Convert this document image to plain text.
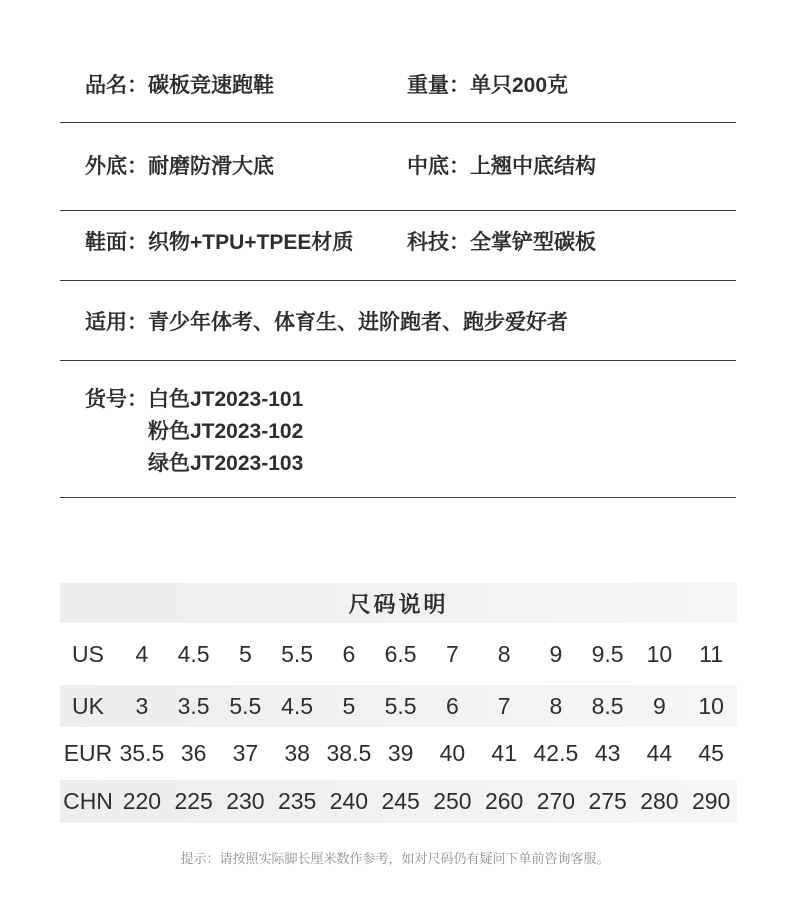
品名：碳板竞速跑鞋	重量：单只200克
外底：耐磨防滑大底	中底：上翘中底结构
鞋面：织物+TPU+TPEE材质	科技：全掌铲型碳板
适用：青少年体考、体育生、进阶跑者、跑步爱好者
货号： 白色JT2023-101
粉色JT2023-102
绿色JT2023-103
尺码说明
US	4	4.5	5	5.5	6	6.5	7	8	9	9.5 10	11
UK	3	3.5 5.5 4.5	5	5.5	6	7	8	8.5	9	10
EUR 35.5 36	37	38 38.5 39	40	41 42.5 43	44	45
CHN 220 225 230 235 240 245 250 260 270 275 280 290
提示：请按照实际脚长厘米数作参考，如对尺码仍有疑问下单前咨询客服。
